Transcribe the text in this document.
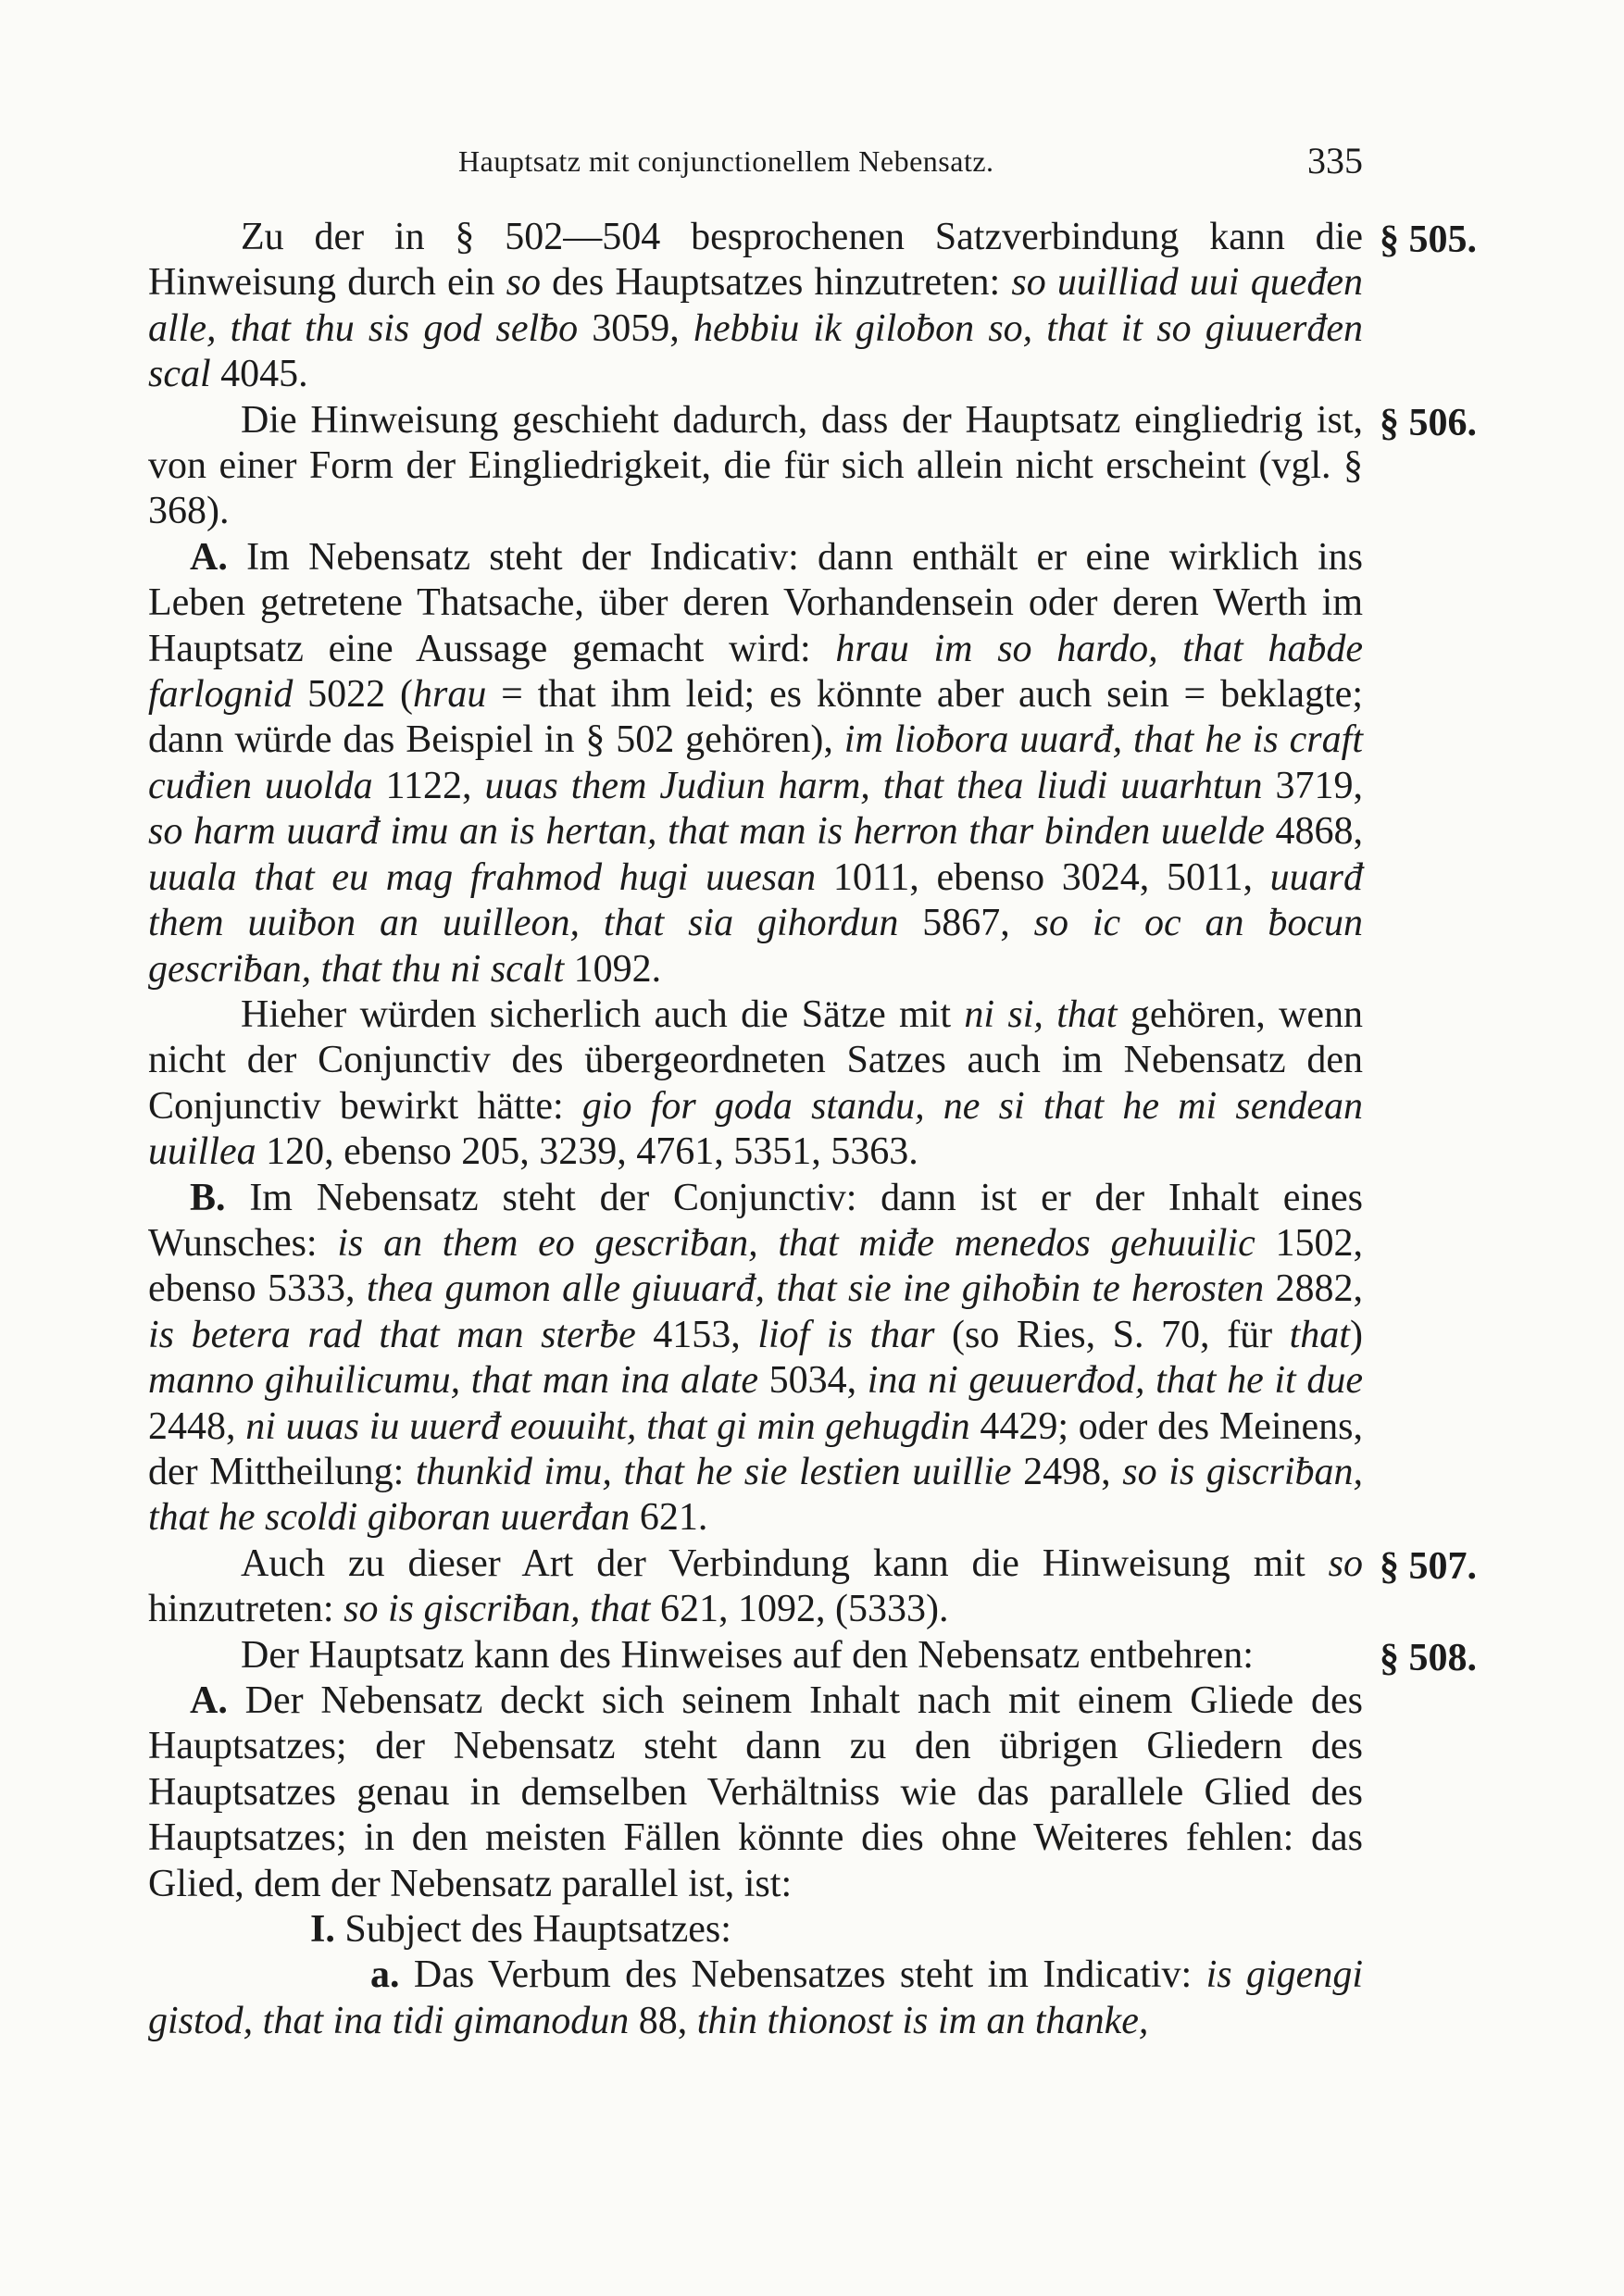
Hauptsatz mit conjunctionellem Nebensatz.	335

Zu der in § 502—504 besprochenen Satzverbindung kann die Hinweisung durch ein so des Hauptsatzes hinzutreten: so uuilliad uui queđen alle, that thu sis god selƀo 3059, hebbiu ik giloƀon so, that it so giuuerđen scal 4045.

§ 505.

Die Hinweisung geschieht dadurch, dass der Hauptsatz eingliedrig ist, von einer Form der Eingliedrigkeit, die für sich allein nicht erscheint (vgl. § 368).

§ 506.

A. Im Nebensatz steht der Indicativ: dann enthält er eine wirklich ins Leben getretene Thatsache, über deren Vorhandensein oder deren Werth im Hauptsatz eine Aussage gemacht wird: hrau im so hardo, that haƀde farlognid 5022 (hrau = that ihm leid; es könnte aber auch sein = beklagte; dann würde das Beispiel in § 502 gehören), im lioƀora uuarđ, that he is craft cuđien uuolda 1122, uuas them Judiun harm, that thea liudi uuarhtun 3719, so harm uuarđ imu an is hertan, that man is herron thar binden uuelde 4868, uuala that eu mag frahmod hugi uuesan 1011, ebenso 3024, 5011, uuarđ them uuiƀon an uuilleon, that sia gihordun 5867, so ic oc an ƀocun gescriƀan, that thu ni scalt 1092.

Hieher würden sicherlich auch die Sätze mit ni si, that gehören, wenn nicht der Conjunctiv des übergeordneten Satzes auch im Nebensatz den Conjunctiv bewirkt hätte: gio for goda standu, ne si that he mi sendean uuillea 120, ebenso 205, 3239, 4761, 5351, 5363.

B. Im Nebensatz steht der Conjunctiv: dann ist er der Inhalt eines Wunsches: is an them eo gescriƀan, that miđe menedos gehuuilic 1502, ebenso 5333, thea gumon alle giuuarđ, that sie ine gihoƀin te herosten 2882, is betera rad that man sterƀe 4153, liof is thar (so Ries, S. 70, für that) manno gihuilicumu, that man ina alate 5034, ina ni geuuerđod, that he it due 2448, ni uuas iu uuerđ eouuiht, that gi min gehugdin 4429; oder des Meinens, der Mittheilung: thunkid imu, that he sie lestien uuillie 2498, so is giscriƀan, that he scoldi giboran uuerđan 621.

Auch zu dieser Art der Verbindung kann die Hinweisung mit so hinzutreten: so is giscriƀan, that 621, 1092, (5333).

§ 507.

Der Hauptsatz kann des Hinweises auf den Nebensatz entbehren:	§ 508.

A. Der Nebensatz deckt sich seinem Inhalt nach mit einem Gliede des Hauptsatzes; der Nebensatz steht dann zu den übrigen Gliedern des Hauptsatzes genau in demselben Verhältniss wie das parallele Glied des Hauptsatzes; in den meisten Fällen könnte dies ohne Weiteres fehlen: das Glied, dem der Nebensatz parallel ist, ist:

I. Subject des Hauptsatzes:

a. Das Verbum des Nebensatzes steht im Indicativ: is gigengi gistod, that ina tidi gimanodun 88, thin thionost is im an thanke,
